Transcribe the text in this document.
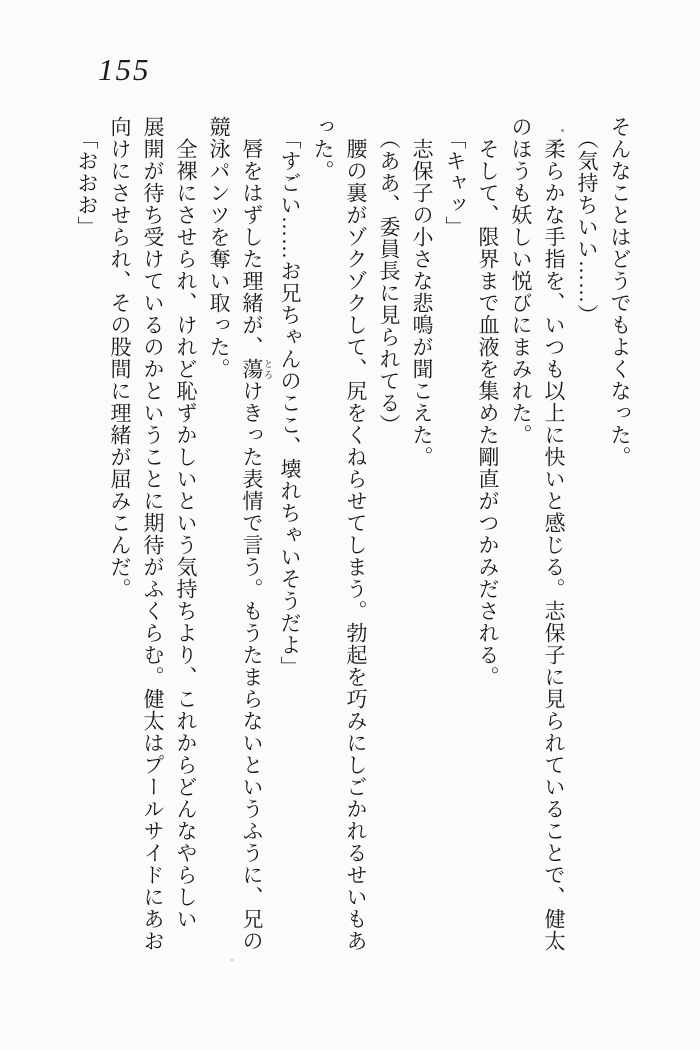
155

そんなことはどうでもよくなった。

（気持ちいい……）

柔らかな手指を、いつも以上に快いと感じる。志保子に見られていることで、健太

のほうも妖しい悦びにまみれた。

そして、限界まで血液を集めた剛直がつかみだされる。

「キャッ」

志保子の小さな悲鳴が聞こえた。

（ああ、委員長に見られてる）

腰の裏がゾクゾクして、尻をくねらせてしまう。勃起を巧みにしごかれるせいもあ

った。

「すごい……お兄ちゃんのここ、壊れちゃいそうだよ」

唇をはずした理緒が、蕩 とろけきった表情で言う。もうたまらないというふうに、兄の

競泳パンツを奪い取った。

全裸にさせられ、けれど恥ずかしいという気持ちより、これからどんなやらしい

展開が待ち受けているのかということに期待がふくらむ。健太はプールサイドにあお

向けにさせられ、その股間に理緒が屈みこんだ。

「おおお」
